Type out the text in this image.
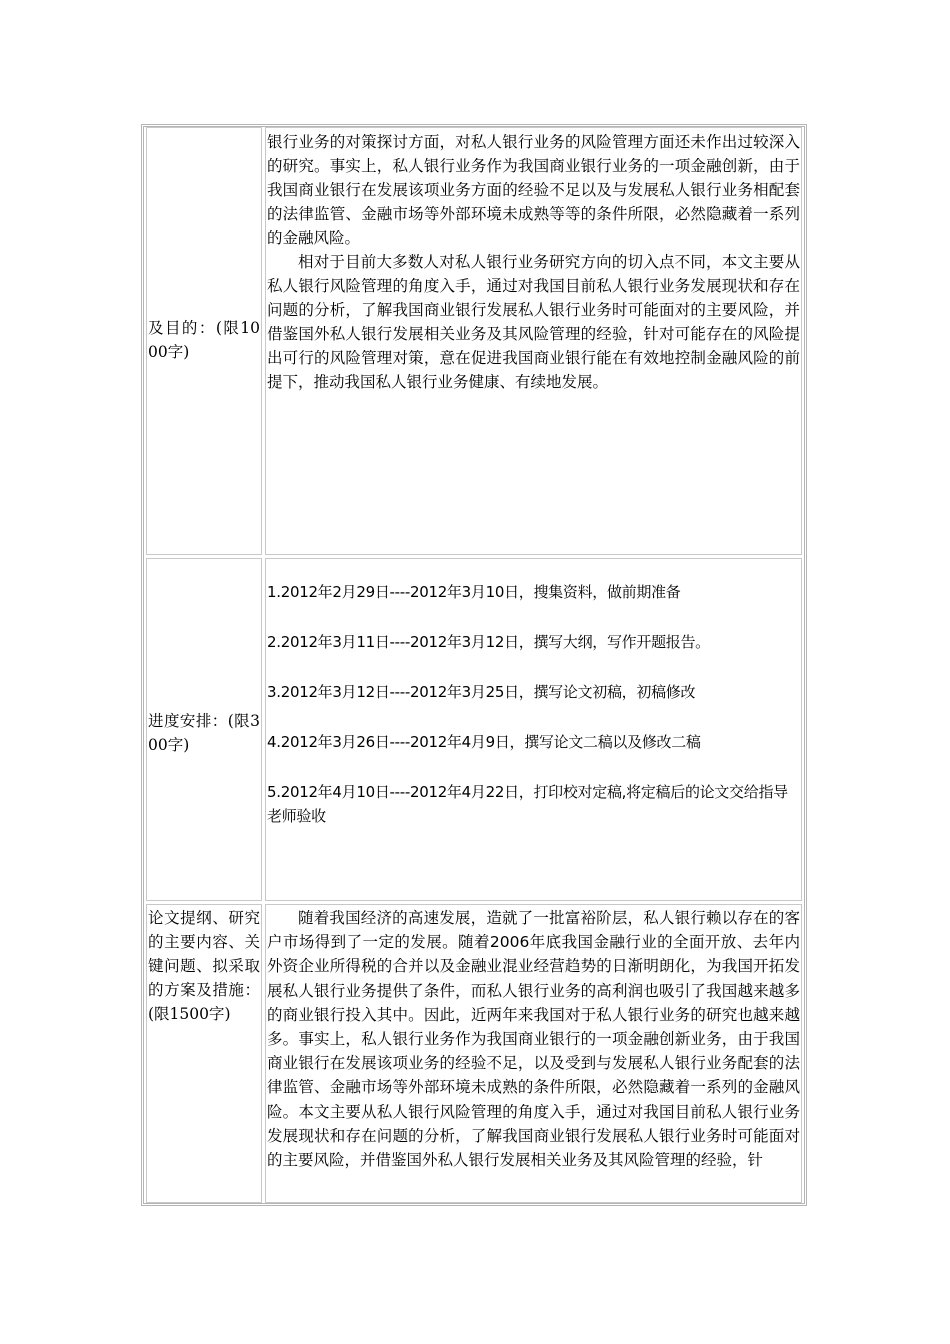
及目的：(限1000字)

银行业务的对策探讨方面，对私人银行业务的风险管理方面还未作出过较深入的研究。事实上，私人银行业务作为我国商业银行业务的一项金融创新，由于我国商业银行在发展该项业务方面的经验不足以及与发展私人银行业务相配套的法律监管、金融市场等外部环境未成熟等等的条件所限，必然隐藏着一系列的金融风险。

相对于目前大多数人对私人银行业务研究方向的切入点不同，本文主要从私人银行风险管理的角度入手，通过对我国目前私人银行业务发展现状和存在问题的分析，了解我国商业银行发展私人银行业务时可能面对的主要风险，并借鉴国外私人银行发展相关业务及其风险管理的经验，针对可能存在的风险提出可行的风险管理对策，意在促进我国商业银行能在有效地控制金融风险的前提下，推动我国私人银行业务健康、有续地发展。

进度安排：(限300字)

1.2012年2月29日----2012年3月10日，搜集资料，做前期准备

2.2012年3月11日----2012年3月12日，撰写大纲，写作开题报告。

3.2012年3月12日----2012年3月25日，撰写论文初稿，初稿修改

4.2012年3月26日----2012年4月9日，撰写论文二稿以及修改二稿

5.2012年4月10日----2012年4月22日，打印校对定稿,将定稿后的论文交给指导老师验收

论文提纲、研究的主要内容、关键问题、拟采取的方案及措施：(限1500字)

随着我国经济的高速发展，造就了一批富裕阶层，私人银行赖以存在的客户市场得到了一定的发展。随着2006年底我国金融行业的全面开放、去年内外资企业所得税的合并以及金融业混业经营趋势的日渐明朗化，为我国开拓发展私人银行业务提供了条件，而私人银行业务的高利润也吸引了我国越来越多的商业银行投入其中。因此，近两年来我国对于私人银行业务的研究也越来越多。事实上，私人银行业务作为我国商业银行的一项金融创新业务，由于我国商业银行在发展该项业务的经验不足，以及受到与发展私人银行业务配套的法律监管、金融市场等外部环境未成熟的条件所限，必然隐藏着一系列的金融风险。本文主要从私人银行风险管理的角度入手，通过对我国目前私人银行业务发展现状和存在问题的分析，了解我国商业银行发展私人银行业务时可能面对的主要风险，并借鉴国外私人银行发展相关业务及其风险管理的经验，针
